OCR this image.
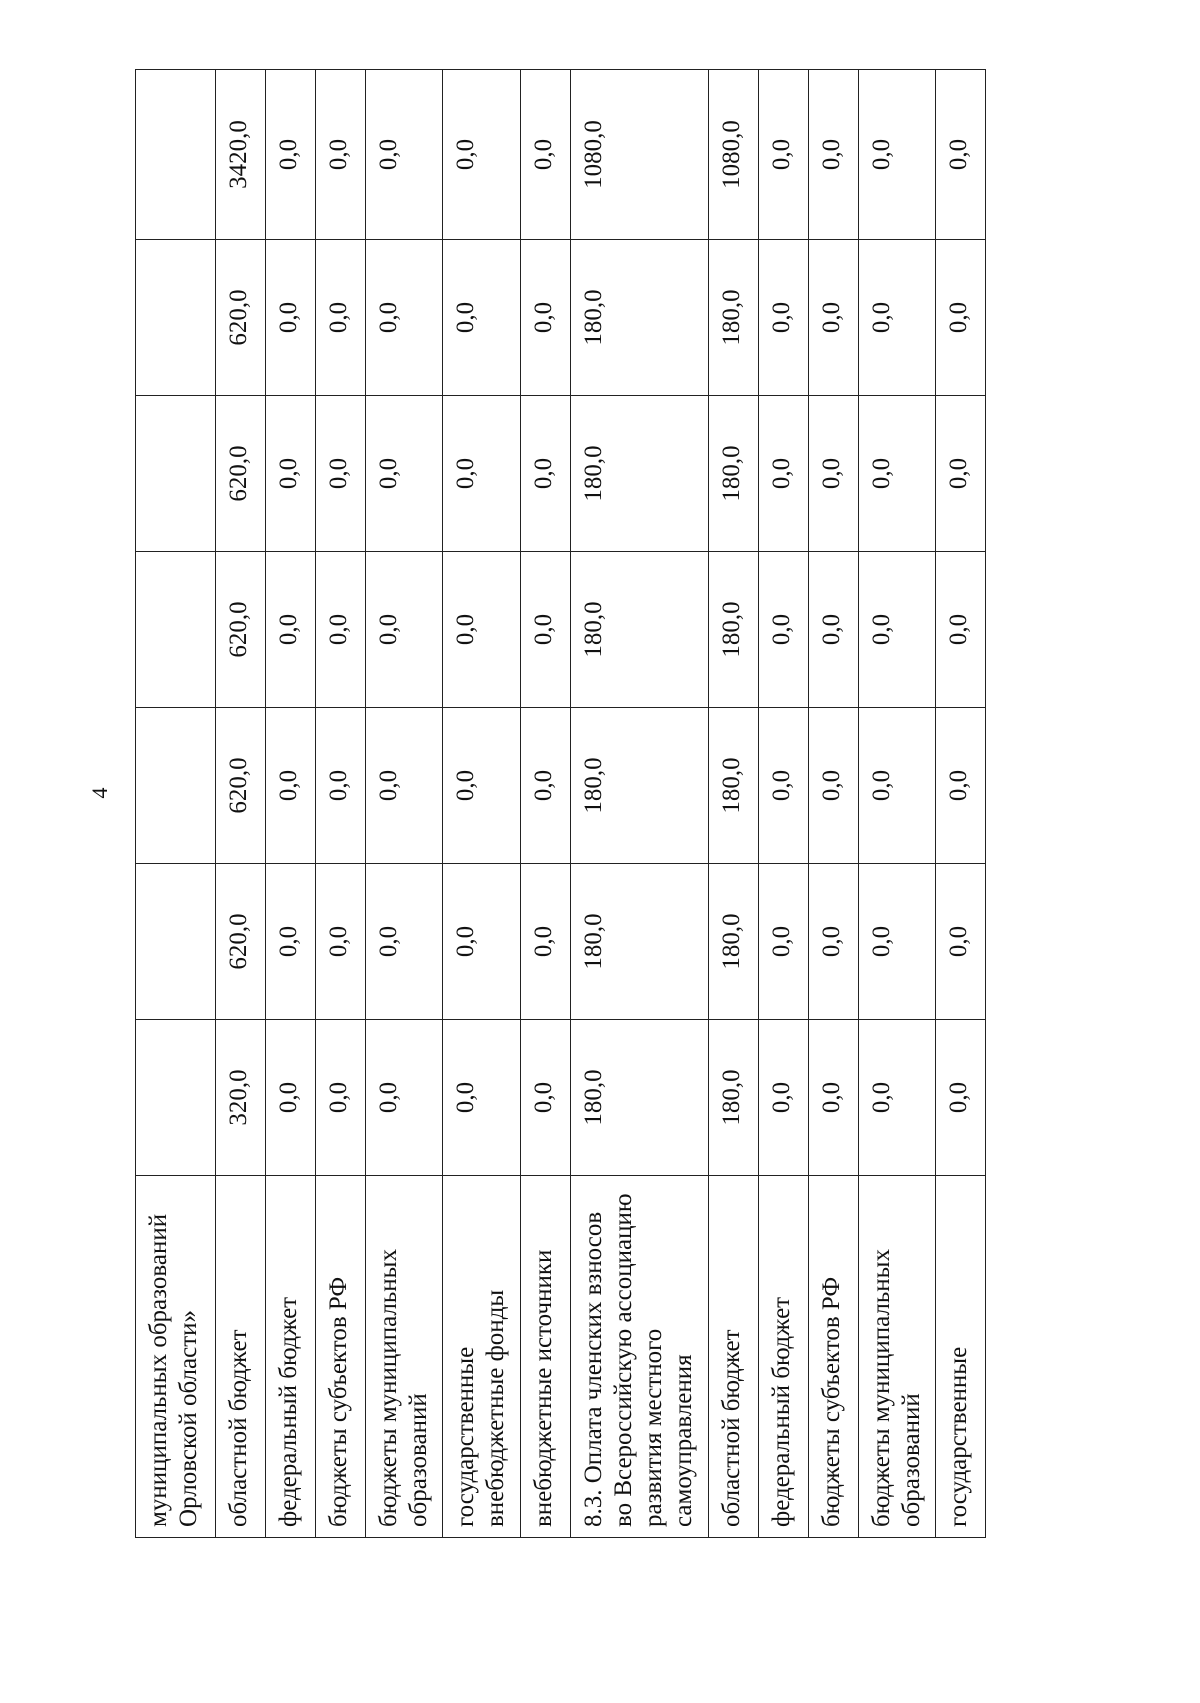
4
муниципальных образований Орловской области»							
областной бюджет	320,0	620,0	620,0	620,0	620,0	620,0	3420,0
федеральный бюджет	0,0	0,0	0,0	0,0	0,0	0,0	0,0
бюджеты субъектов РФ	0,0	0,0	0,0	0,0	0,0	0,0	0,0
бюджеты муниципальных образований	0,0	0,0	0,0	0,0	0,0	0,0	0,0
государственные внебюджетные фонды	0,0	0,0	0,0	0,0	0,0	0,0	0,0
внебюджетные источники	0,0	0,0	0,0	0,0	0,0	0,0	0,0
8.3. Оплата членских взносов во Всероссийскую ассоциацию развития местного самоуправления	180,0	180,0	180,0	180,0	180,0	180,0	1080,0
областной бюджет	180,0	180,0	180,0	180,0	180,0	180,0	1080,0
федеральный бюджет	0,0	0,0	0,0	0,0	0,0	0,0	0,0
бюджеты субъектов РФ	0,0	0,0	0,0	0,0	0,0	0,0	0,0
бюджеты муниципальных образований	0,0	0,0	0,0	0,0	0,0	0,0	0,0
государственные	0,0	0,0	0,0	0,0	0,0	0,0	0,0
